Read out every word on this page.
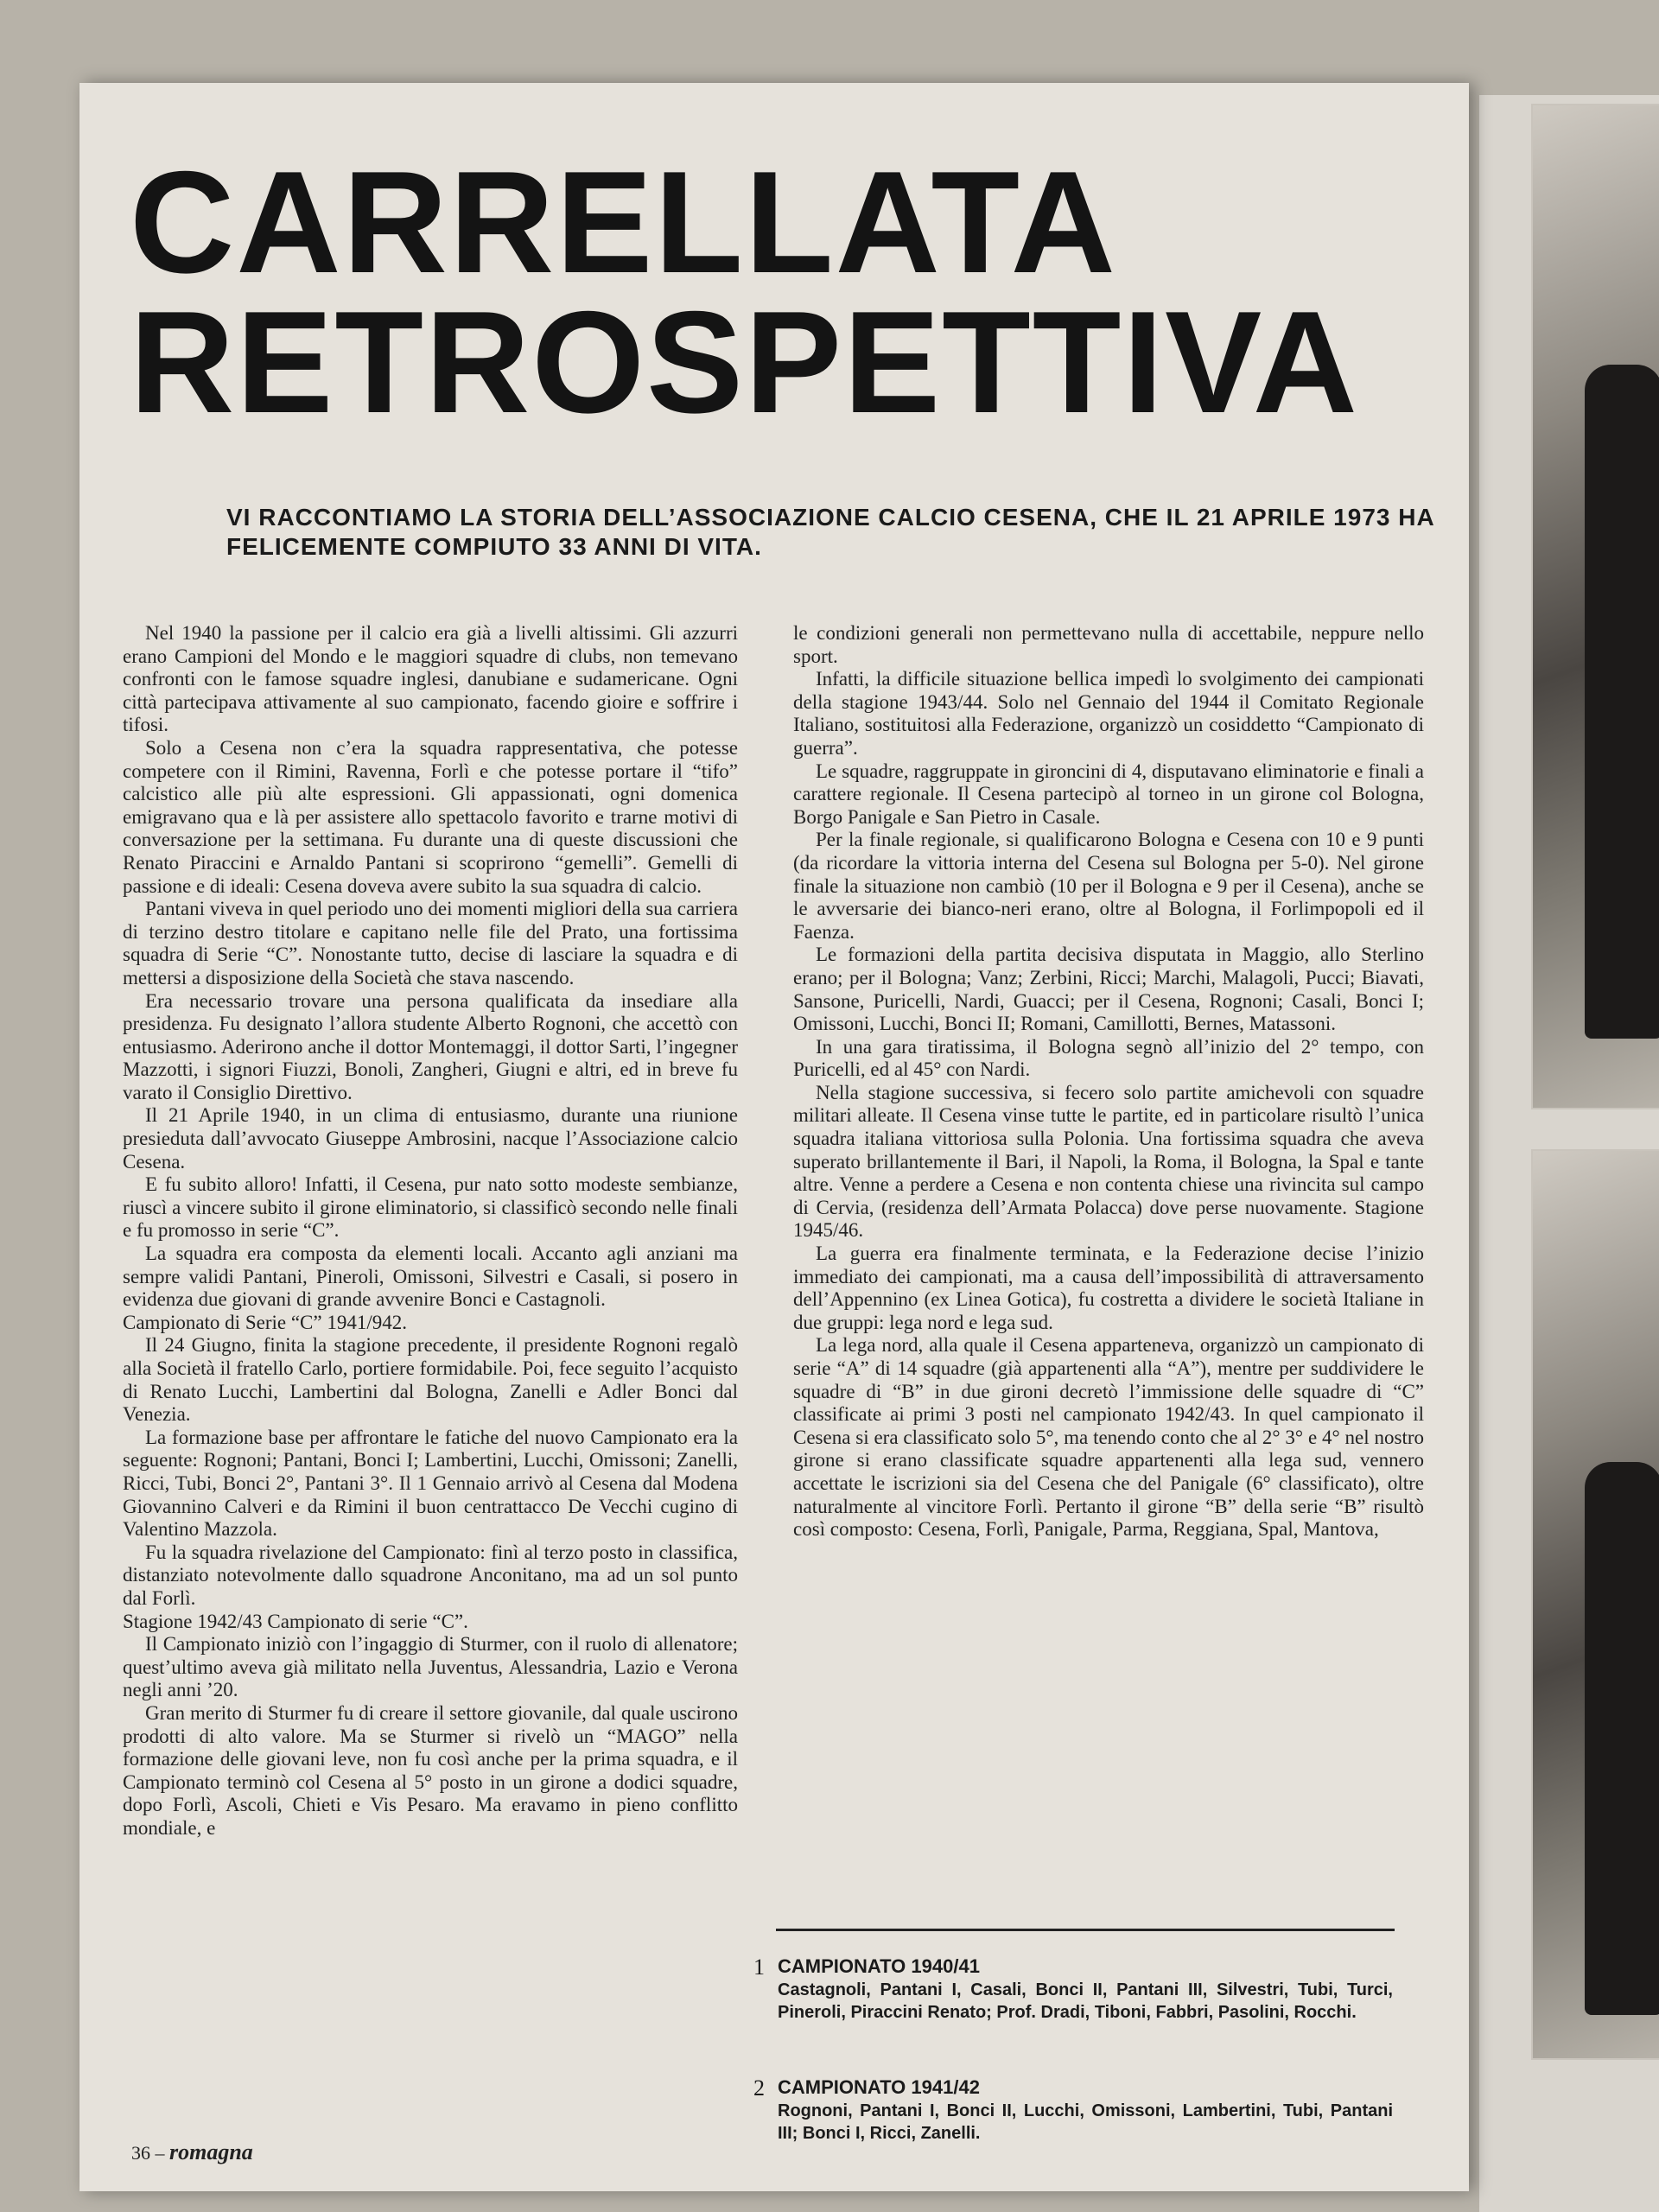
CARRELLATA
RETROSPETTIVA

VI RACCONTIAMO LA STORIA DELL’ASSOCIAZIONE CALCIO CESENA, CHE IL 21 APRILE 1973 HA FELICEMENTE COMPIUTO 33 ANNI DI VITA.

Nel 1940 la passione per il calcio era già a livelli altissimi. Gli azzurri erano Campioni del Mondo e le maggiori squadre di clubs, non temevano confronti con le famose squadre inglesi, danubiane e sudamericane. Ogni città partecipava attivamente al suo campionato, facendo gioire e soffrire i tifosi.

Solo a Cesena non c’era la squadra rappresentativa, che potesse competere con il Rimini, Ravenna, Forlì e che potesse portare il “tifo” calcistico alle più alte espressioni. Gli appassionati, ogni domenica emigravano qua e là per assistere allo spettacolo favorito e trarne motivi di conversazione per la settimana. Fu durante una di queste discussioni che Renato Piraccini e Arnaldo Pantani si scoprirono “gemelli”. Gemelli di passione e di ideali: Cesena doveva avere subito la sua squadra di calcio.

Pantani viveva in quel periodo uno dei momenti migliori della sua carriera di terzino destro titolare e capitano nelle file del Prato, una fortissima squadra di Serie “C”. Nonostante tutto, decise di lasciare la squadra e di mettersi a disposizione della Società che stava nascendo.

Era necessario trovare una persona qualificata da insediare alla presidenza. Fu designato l’allora studente Alberto Rognoni, che accettò con entusiasmo. Aderirono anche il dottor Montemaggi, il dottor Sarti, l’ingegner Mazzotti, i signori Fiuzzi, Bonoli, Zangheri, Giugni e altri, ed in breve fu varato il Consiglio Direttivo.

Il 21 Aprile 1940, in un clima di entusiasmo, durante una riunione presieduta dall’avvocato Giuseppe Ambrosini, nacque l’Associazione calcio Cesena.

E fu subito alloro! Infatti, il Cesena, pur nato sotto modeste sembianze, riuscì a vincere subito il girone eliminatorio, si classificò secondo nelle finali e fu promosso in serie “C”.

La squadra era composta da elementi locali. Accanto agli anziani ma sempre validi Pantani, Pineroli, Omissoni, Silvestri e Casali, si posero in evidenza due giovani di grande avvenire Bonci e Castagnoli.

Campionato di Serie “C” 1941/942.

Il 24 Giugno, finita la stagione precedente, il presidente Rognoni regalò alla Società il fratello Carlo, portiere formidabile. Poi, fece seguito l’acquisto di Renato Lucchi, Lambertini dal Bologna, Zanelli e Adler Bonci dal Venezia.

La formazione base per affrontare le fatiche del nuovo Campionato era la seguente: Rognoni; Pantani, Bonci I; Lambertini, Lucchi, Omissoni; Zanelli, Ricci, Tubi, Bonci 2°, Pantani 3°. Il 1 Gennaio arrivò al Cesena dal Modena Giovannino Calveri e da Rimini il buon centrattacco De Vecchi cugino di Valentino Mazzola.

Fu la squadra rivelazione del Campionato: finì al terzo posto in classifica, distanziato notevolmente dallo squadrone Anconitano, ma ad un sol punto dal Forlì.

Stagione 1942/43 Campionato di serie “C”.

Il Campionato iniziò con l’ingaggio di Sturmer, con il ruolo di allenatore; quest’ultimo aveva già militato nella Juventus, Alessandria, Lazio e Verona negli anni ’20.

Gran merito di Sturmer fu di creare il settore giovanile, dal quale uscirono prodotti di alto valore. Ma se Sturmer si rivelò un “MAGO” nella formazione delle giovani leve, non fu così anche per la prima squadra, e il Campionato terminò col Cesena al 5° posto in un girone a dodici squadre, dopo Forlì, Ascoli, Chieti e Vis Pesaro. Ma eravamo in pieno conflitto mondiale, e

le condizioni generali non permettevano nulla di accettabile, neppure nello sport.

Infatti, la difficile situazione bellica impedì lo svolgimento dei campionati della stagione 1943/44. Solo nel Gennaio del 1944 il Comitato Regionale Italiano, sostituitosi alla Federazione, organizzò un cosiddetto “Campionato di guerra”.

Le squadre, raggruppate in gironcini di 4, disputavano eliminatorie e finali a carattere regionale. Il Cesena partecipò al torneo in un girone col Bologna, Borgo Panigale e San Pietro in Casale.

Per la finale regionale, si qualificarono Bologna e Cesena con 10 e 9 punti (da ricordare la vittoria interna del Cesena sul Bologna per 5-0). Nel girone finale la situazione non cambiò (10 per il Bologna e 9 per il Cesena), anche se le avversarie dei bianco-neri erano, oltre al Bologna, il Forlimpopoli ed il Faenza.

Le formazioni della partita decisiva disputata in Maggio, allo Sterlino erano; per il Bologna; Vanz; Zerbini, Ricci; Marchi, Malagoli, Pucci; Biavati, Sansone, Puricelli, Nardi, Guacci; per il Cesena, Rognoni; Casali, Bonci I; Omissoni, Lucchi, Bonci II; Romani, Camillotti, Bernes, Matassoni.

In una gara tiratissima, il Bologna segnò all’inizio del 2° tempo, con Puricelli, ed al 45° con Nardi.

Nella stagione successiva, si fecero solo partite amichevoli con squadre militari alleate. Il Cesena vinse tutte le partite, ed in particolare risultò l’unica squadra italiana vittoriosa sulla Polonia. Una fortissima squadra che aveva superato brillantemente il Bari, il Napoli, la Roma, il Bologna, la Spal e tante altre. Venne a perdere a Cesena e non contenta chiese una rivincita sul campo di Cervia, (residenza dell’Armata Polacca) dove perse nuovamente. Stagione 1945/46.

La guerra era finalmente terminata, e la Federazione decise l’inizio immediato dei campionati, ma a causa dell’impossibilità di attraversamento dell’Appennino (ex Linea Gotica), fu costretta a dividere le società Italiane in due gruppi: lega nord e lega sud.

La lega nord, alla quale il Cesena apparteneva, organizzò un campionato di serie “A” di 14 squadre (già appartenenti alla “A”), mentre per suddividere le squadre di “B” in due gironi decretò l’immissione delle squadre di “C” classificate ai primi 3 posti nel campionato 1942/43. In quel campionato il Cesena si era classificato solo 5°, ma tenendo conto che al 2° 3° e 4° nel nostro girone si erano classificate squadre appartenenti alla lega sud, vennero accettate le iscrizioni sia del Cesena che del Panigale (6° classificato), oltre naturalmente al vincitore Forlì. Pertanto il girone “B” della serie “B” risultò così composto: Cesena, Forlì, Panigale, Parma, Reggiana, Spal, Mantova,

1 CAMPIONATO 1940/41
Castagnoli, Pantani I, Casali, Bonci II, Pantani III, Silvestri, Tubi, Turci, Pineroli, Piraccini Renato; Prof. Dradi, Tiboni, Fabbri, Pasolini, Rocchi.
2 CAMPIONATO 1941/42
Rognoni, Pantani I, Bonci II, Lucchi, Omissoni, Lambertini, Tubi, Pantani III; Bonci I, Ricci, Zanelli.
36 – romagna
